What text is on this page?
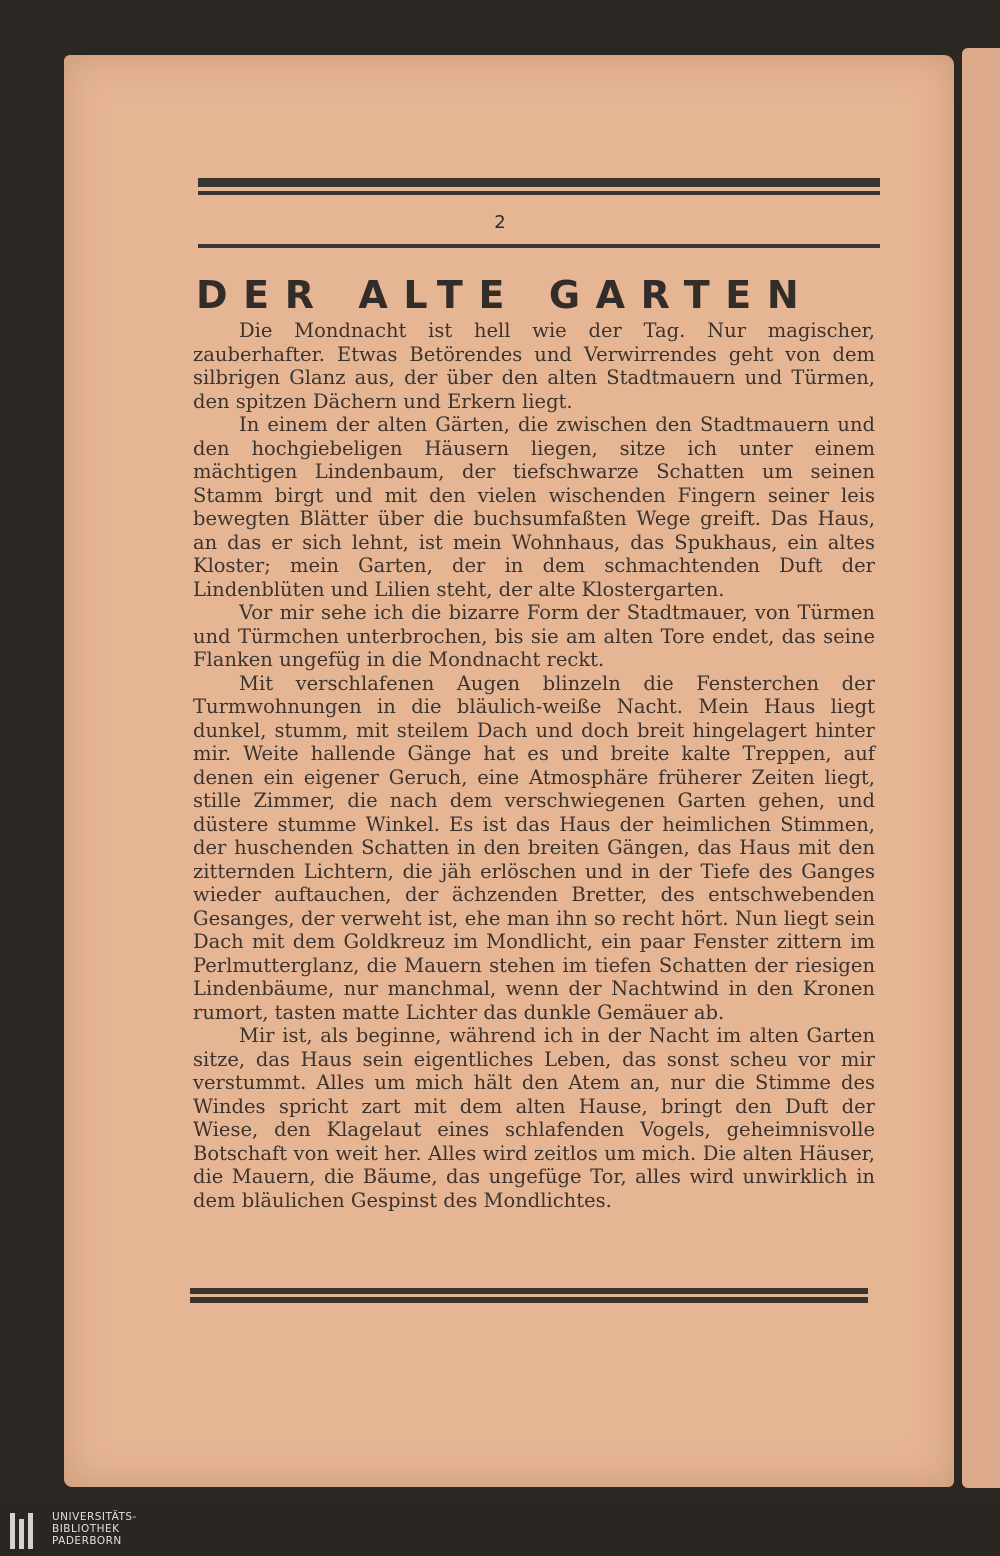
2
DER ALTE GARTEN

Die Mondnacht ist hell wie der Tag. Nur magischer, zauberhafter. Etwas Betörendes und Verwirrendes geht von dem silbrigen Glanz aus, der über den alten Stadtmauern und Türmen, den spitzen Dächern und Erkern liegt.

In einem der alten Gärten, die zwischen den Stadtmauern und den hochgiebeligen Häusern liegen, sitze ich unter einem mächtigen Lindenbaum, der tiefschwarze Schatten um seinen Stamm birgt und mit den vielen wischenden Fingern seiner leis bewegten Blätter über die buchsumfaßten Wege greift. Das Haus, an das er sich lehnt, ist mein Wohnhaus, das Spukhaus, ein altes Kloster; mein Garten, der in dem schmachtenden Duft der Lindenblüten und Lilien steht, der alte Klostergarten.

Vor mir sehe ich die bizarre Form der Stadtmauer, von Türmen und Türmchen unterbrochen, bis sie am alten Tore endet, das seine Flanken ungefüg in die Mondnacht reckt.

Mit verschlafenen Augen blinzeln die Fensterchen der Turmwohnungen in die bläulich-weiße Nacht. Mein Haus liegt dunkel, stumm, mit steilem Dach und doch breit hingelagert hinter mir. Weite hallende Gänge hat es und breite kalte Treppen, auf denen ein eigener Geruch, eine Atmosphäre früherer Zeiten liegt, stille Zimmer, die nach dem verschwiegenen Garten gehen, und düstere stumme Winkel. Es ist das Haus der heimlichen Stimmen, der huschenden Schatten in den breiten Gängen, das Haus mit den zitternden Lichtern, die jäh erlöschen und in der Tiefe des Ganges wieder auftauchen, der ächzenden Bretter, des entschwebenden Gesanges, der verweht ist, ehe man ihn so recht hört. Nun liegt sein Dach mit dem Goldkreuz im Mondlicht, ein paar Fenster zittern im Perlmutterglanz, die Mauern stehen im tiefen Schatten der riesigen Lindenbäume, nur manchmal, wenn der Nachtwind in den Kronen rumort, tasten matte Lichter das dunkle Gemäuer ab.

Mir ist, als beginne, während ich in der Nacht im alten Garten sitze, das Haus sein eigentliches Leben, das sonst scheu vor mir verstummt. Alles um mich hält den Atem an, nur die Stimme des Windes spricht zart mit dem alten Hause, bringt den Duft der Wiese, den Klagelaut eines schlafenden Vogels, geheimnisvolle Botschaft von weit her. Alles wird zeitlos um mich. Die alten Häuser, die Mauern, die Bäume, das ungefüge Tor, alles wird unwirklich in dem bläulichen Gespinst des Mondlichtes.

UNIVERSITÄTS-
BIBLIOTHEK
PADERBORN
